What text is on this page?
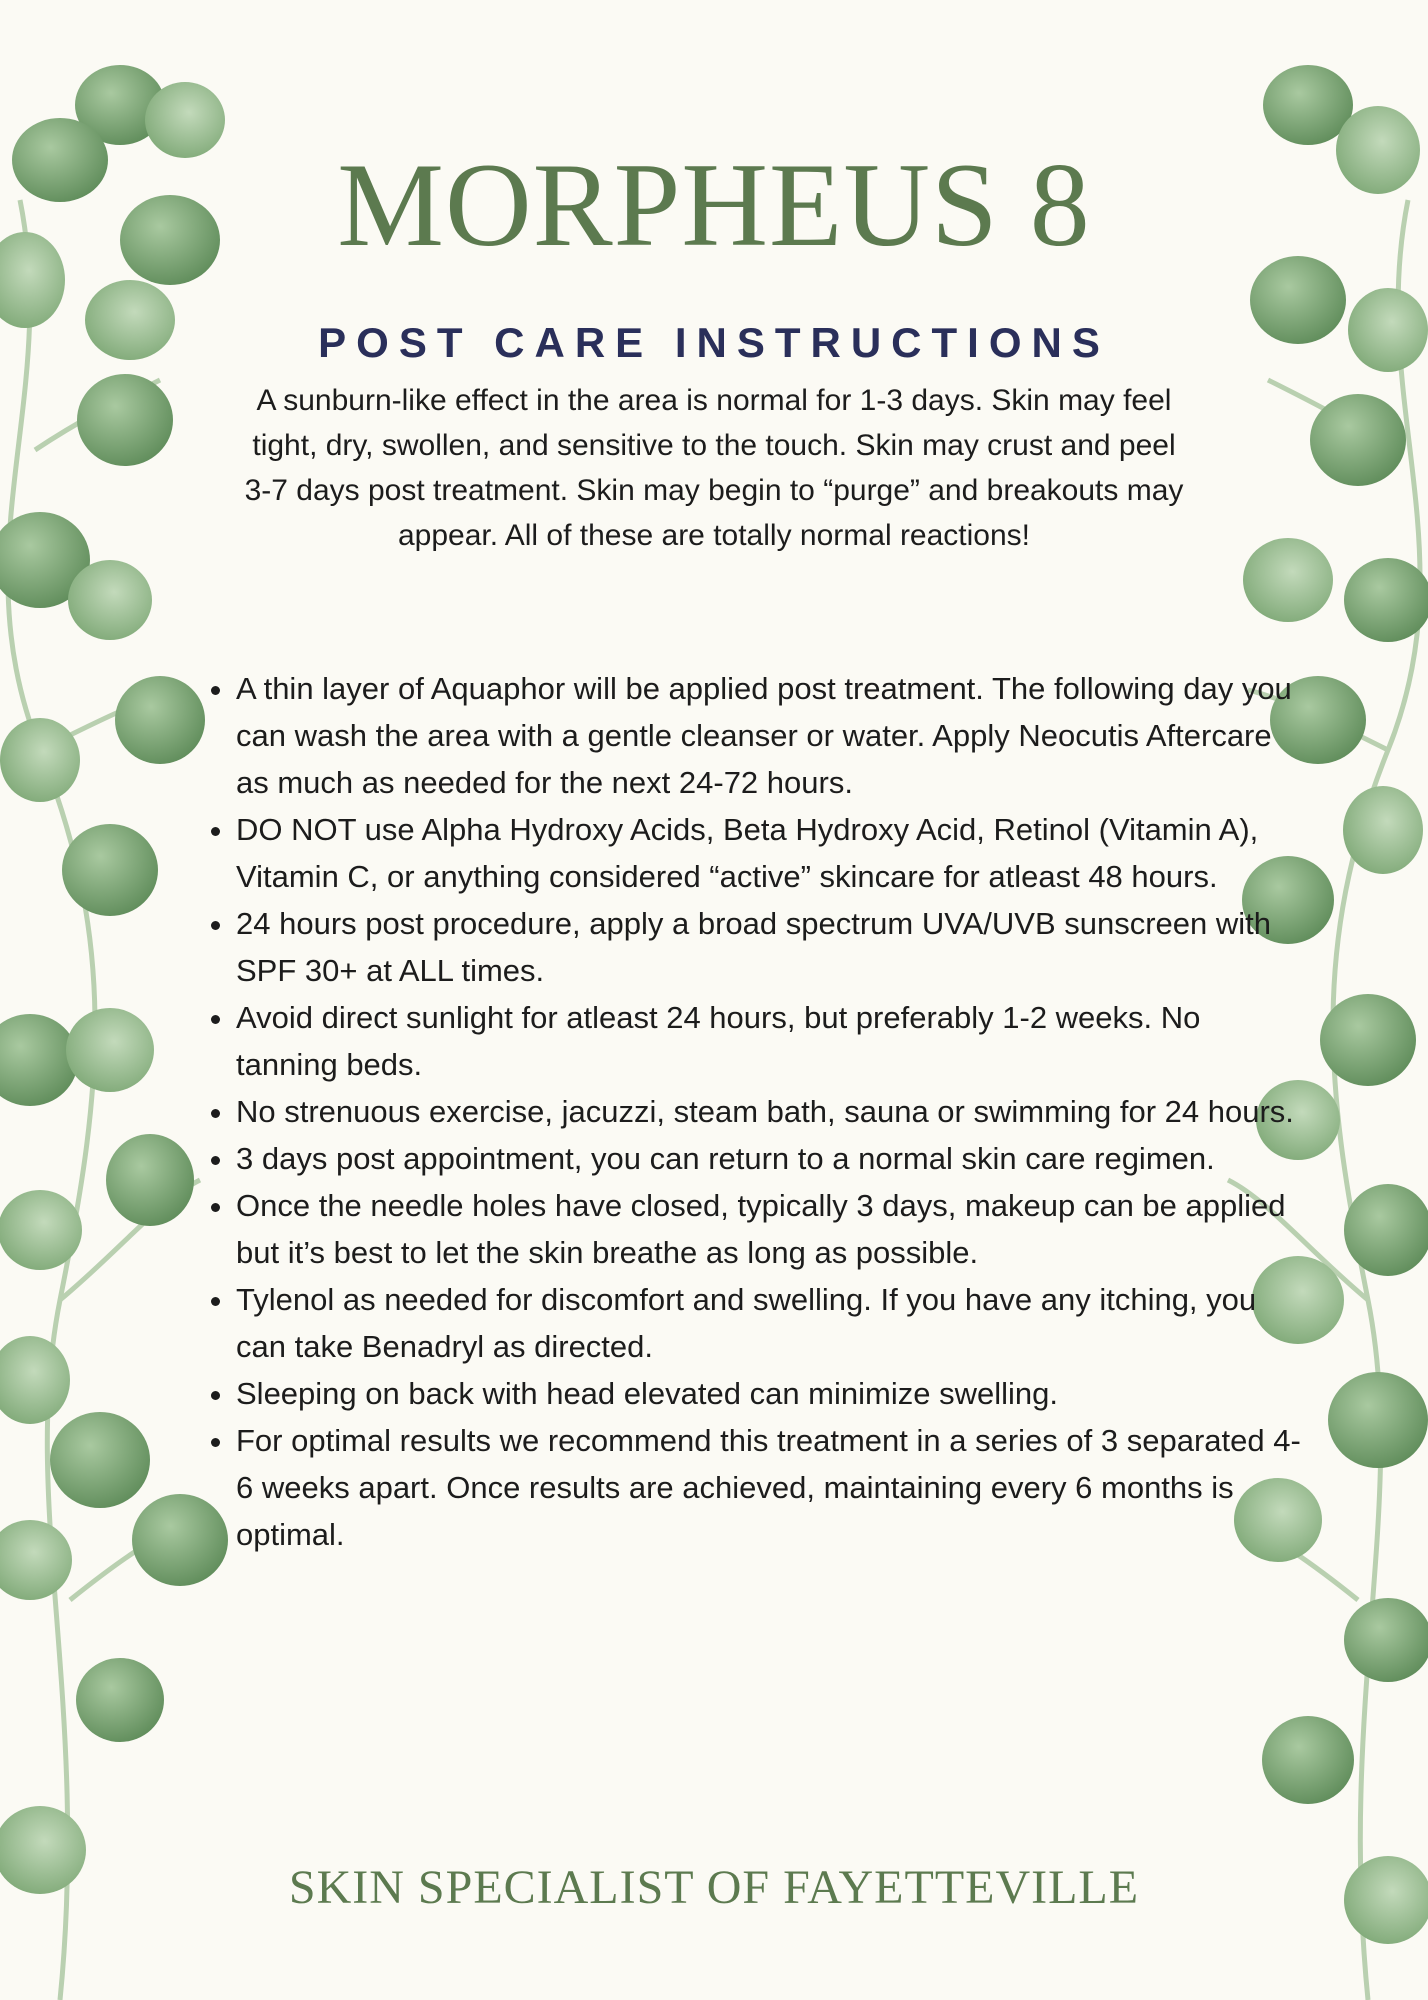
MORPHEUS 8
POST CARE INSTRUCTIONS

A sunburn-like effect in the area is normal for 1-3 days. Skin may feel tight, dry, swollen, and sensitive to the touch. Skin may crust and peel 3-7 days post treatment. Skin may begin to “purge” and breakouts may appear. All of these are totally normal reactions!

• A thin layer of Aquaphor will be applied post treatment. The following day you can wash the area with a gentle cleanser or water. Apply Neocutis Aftercare as much as needed for the next 24-72 hours.
• DO NOT use Alpha Hydroxy Acids, Beta Hydroxy Acid, Retinol (Vitamin A), Vitamin C, or anything considered “active” skincare for atleast 48 hours.
• 24 hours post procedure, apply a broad spectrum UVA/UVB sunscreen with SPF 30+ at ALL times.
• Avoid direct sunlight for atleast 24 hours, but preferably 1-2 weeks. No tanning beds.
• No strenuous exercise, jacuzzi, steam bath, sauna or swimming for 24 hours.
• 3 days post appointment, you can return to a normal skin care regimen.
• Once the needle holes have closed, typically 3 days, makeup can be applied but it’s best to let the skin breathe as long as possible.
• Tylenol as needed for discomfort and swelling. If you have any itching, you can take Benadryl as directed.
• Sleeping on back with head elevated can minimize swelling.
• For optimal results we recommend this treatment in a series of 3 separated 4-6 weeks apart. Once results are achieved, maintaining every 6 months is optimal.
SKIN SPECIALIST OF FAYETTEVILLE
